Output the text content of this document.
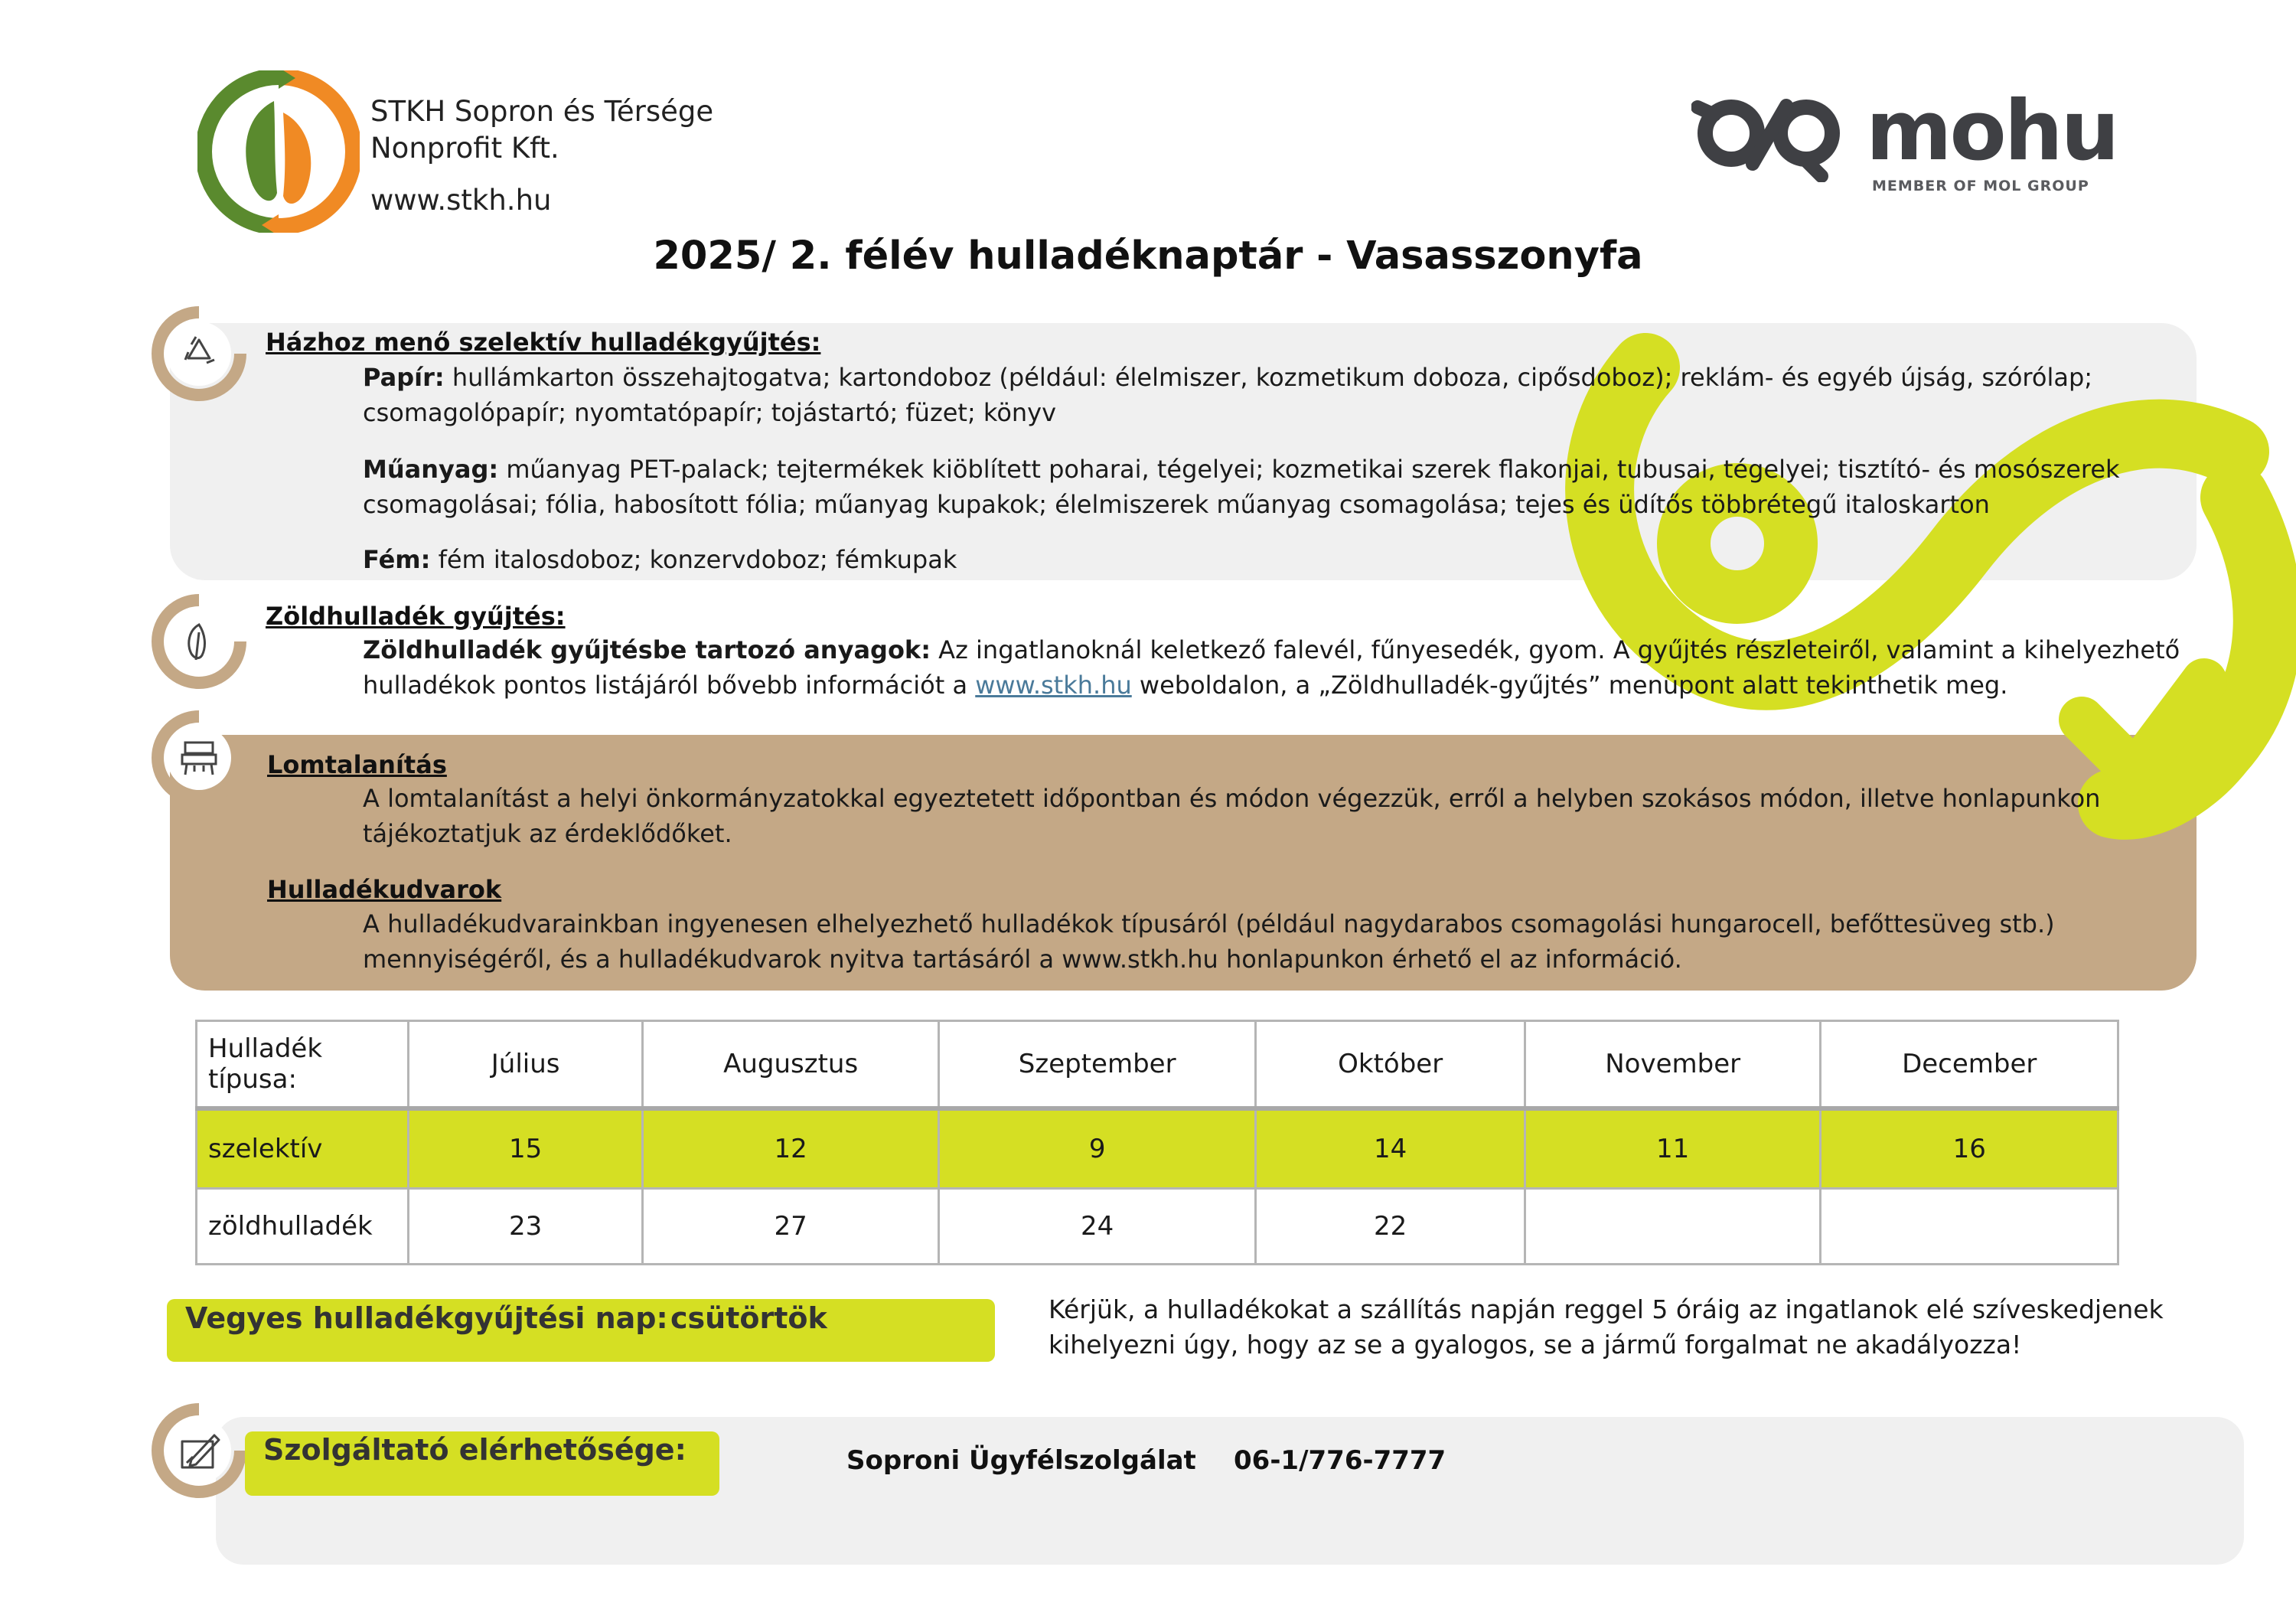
STKH Sopron és Térsége
Nonprofit Kft.
www.stkh.hu
mohu
MEMBER OF MOL GROUP
2025/ 2. félév hulladéknaptár - Vasasszonyfa
Házhoz menő szelektív hulladékgyűjtés:
Papír: hullámkarton összehajtogatva; kartondoboz (például: élelmiszer, kozmetikum doboza, cipősdoboz); reklám- és egyéb újság, szórólap; csomagolópapír; nyomtatópapír; tojástartó; füzet; könyv
Műanyag: műanyag PET-palack; tejtermékek kiöblített poharai, tégelyei; kozmetikai szerek flakonjai, tubusai, tégelyei; tisztító- és mosószerek csomagolásai; fólia, habosított fólia; műanyag kupakok; élelmiszerek műanyag csomagolása; tejes és üdítős többrétegű italoskarton
Fém: fém italosdoboz; konzervdoboz; fémkupak
Zöldhulladék gyűjtés:
Zöldhulladék gyűjtésbe tartozó anyagok: Az ingatlanoknál keletkező falevél, fűnyesedék, gyom. A gyűjtés részleteiről, valamint a kihelyezhető hulladékok pontos listájáról bővebb információt a www.stkh.hu weboldalon, a „Zöldhulladék-gyűjtés” menüpont alatt tekinthetik meg.
Lomtalanítás
A lomtalanítást a helyi önkormányzatokkal egyeztetett időpontban és módon végezzük, erről a helyben szokásos módon, illetve honlapunkon tájékoztatjuk az érdeklődőket.
Hulladékudvarok
A hulladékudvarainkban ingyenesen elhelyezhető hulladékok típusáról (például nagydarabos csomagolási hungarocell, befőttesüveg stb.) mennyiségéről, és a hulladékudvarok nyitva tartásáról a www.stkh.hu honlapunkon érhető el az információ.
Hulladék típusa:	Július	Augusztus	Szeptember	Október	November	December
szelektív	15	12	9	14	11	16
zöldhulladék	23	27	24	22		
Vegyes hulladékgyűjtési nap: csütörtök	Kérjük, a hulladékokat a szállítás napján reggel 5 óráig az ingatlanok elé szíveskedjenek kihelyezni úgy, hogy az se a gyalogos, se a jármű forgalmat ne akadályozza!
Szolgáltató elérhetősége:	Soproni Ügyfélszolgálat 06-1/776-7777
